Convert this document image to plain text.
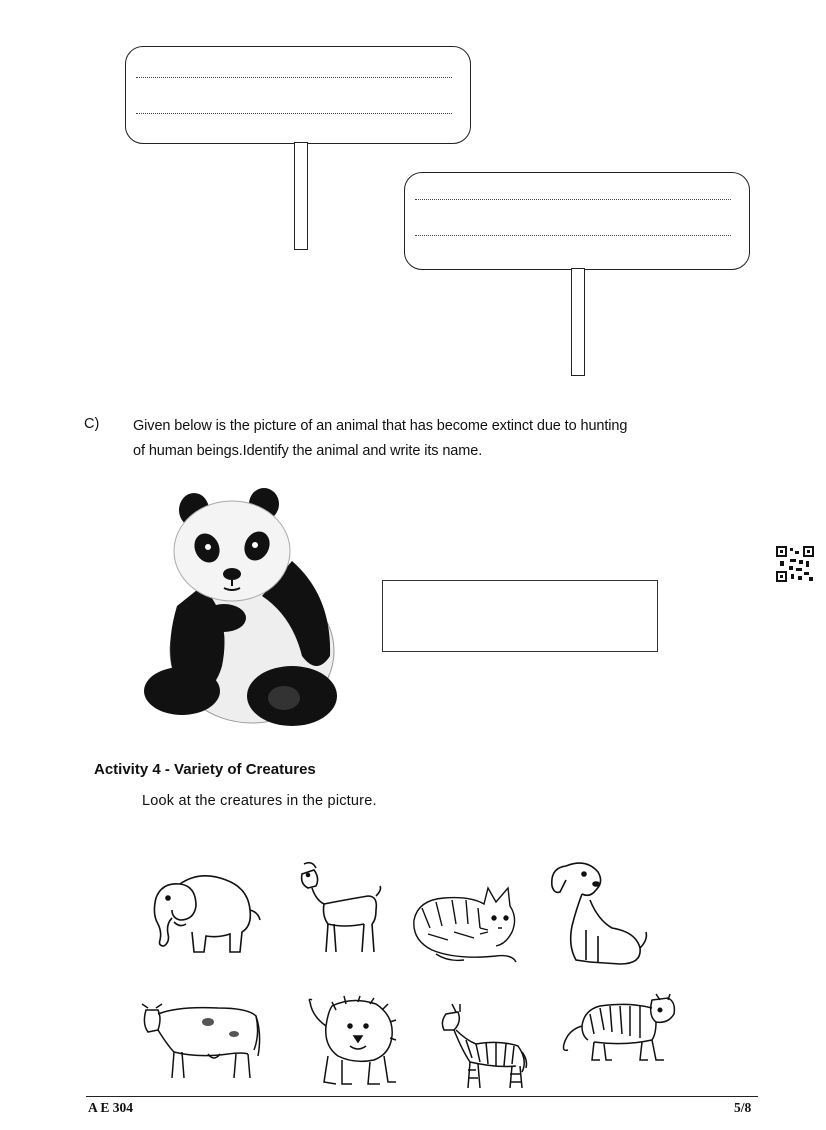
C) Given below is the picture of an animal that has become extinct due to hunting
of human beings.Identify the animal and write its name.
Activity 4 - Variety of Creatures
Look at the creatures in the picture.
A E 304	5/8
